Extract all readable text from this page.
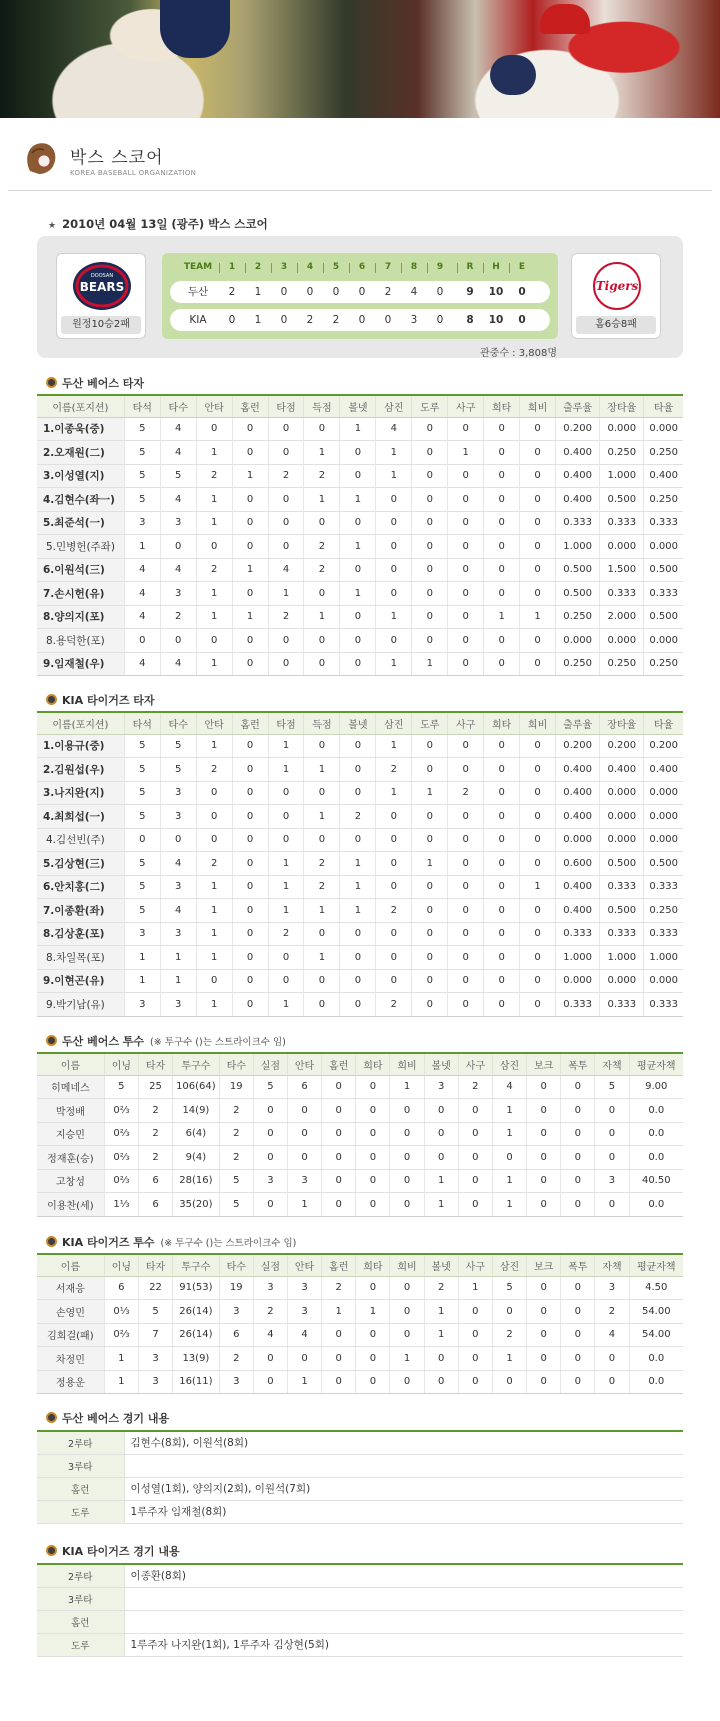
박스 스코어
KOREA BASEBALL ORGANIZATION
★ 2010년 04월 13일 (광주) 박스 스코어
DOOSAN
BEARS
원정10승2패
TEAM	1	2	3	4	5	6	7	8	9	R	H	E
두산	2	1	0	0	0	0	2	4	0	9	10	0
KIA	0	1	0	2	2	0	0	3	0	8	10	0
Tigers
홈6승8패
관중수 : 3,808명
두산 베어스 타자
이름(포지션)	타석	타수	안타	홈런	타점	득점	볼넷	삼진	도루	사구	희타	희비	출루율	장타율	타율
1.이종욱(중)	5	4	0	0	0	0	1	4	0	0	0	0	0.200	0.000	0.000
2.오재원(二)	5	4	1	0	0	1	0	1	0	1	0	0	0.400	0.250	0.250
3.이성열(지)	5	5	2	1	2	2	0	1	0	0	0	0	0.400	1.000	0.400
4.김현수(좌一)	5	4	1	0	0	1	1	0	0	0	0	0	0.400	0.500	0.250
5.최준석(一)	3	3	1	0	0	0	0	0	0	0	0	0	0.333	0.333	0.333
5.민병헌(주좌)	1	0	0	0	0	2	1	0	0	0	0	0	1.000	0.000	0.000
6.이원석(三)	4	4	2	1	4	2	0	0	0	0	0	0	0.500	1.500	0.500
7.손시헌(유)	4	3	1	0	1	0	1	0	0	0	0	0	0.500	0.333	0.333
8.양의지(포)	4	2	1	1	2	1	0	1	0	0	1	1	0.250	2.000	0.500
8.용덕한(포)	0	0	0	0	0	0	0	0	0	0	0	0	0.000	0.000	0.000
9.임재철(우)	4	4	1	0	0	0	0	1	1	0	0	0	0.250	0.250	0.250
KIA 타이거즈 타자
이름(포지션)	타석	타수	안타	홈런	타점	득점	볼넷	삼진	도루	사구	희타	희비	출루율	장타율	타율
1.이용규(중)	5	5	1	0	1	0	0	1	0	0	0	0	0.200	0.200	0.200
2.김원섭(우)	5	5	2	0	1	1	0	2	0	0	0	0	0.400	0.400	0.400
3.나지완(지)	5	3	0	0	0	0	0	1	1	2	0	0	0.400	0.000	0.000
4.최희섭(一)	5	3	0	0	0	1	2	0	0	0	0	0	0.400	0.000	0.000
4.김선빈(주)	0	0	0	0	0	0	0	0	0	0	0	0	0.000	0.000	0.000
5.김상현(三)	5	4	2	0	1	2	1	0	1	0	0	0	0.600	0.500	0.500
6.안치홍(二)	5	3	1	0	1	2	1	0	0	0	0	1	0.400	0.333	0.333
7.이종환(좌)	5	4	1	0	1	1	1	2	0	0	0	0	0.400	0.500	0.250
8.김상훈(포)	3	3	1	0	2	0	0	0	0	0	0	0	0.333	0.333	0.333
8.차일목(포)	1	1	1	0	0	1	0	0	0	0	0	0	1.000	1.000	1.000
9.이현곤(유)	1	1	0	0	0	0	0	0	0	0	0	0	0.000	0.000	0.000
9.박기남(유)	3	3	1	0	1	0	0	2	0	0	0	0	0.333	0.333	0.333
두산 베어스 투수 (※ 투구수 ()는 스트라이크수 임)
이름	이닝	타자	투구수	타수	실점	안타	홈런	희타	희비	볼넷	사구	삼진	보크	폭투	자책	평균자책
히메네스	5	25	106(64)	19	5	6	0	0	1	3	2	4	0	0	5	9.00
박정배	0⅔	2	14(9)	2	0	0	0	0	0	0	0	1	0	0	0	0.0
지승민	0⅔	2	6(4)	2	0	0	0	0	0	0	0	1	0	0	0	0.0
정재훈(승)	0⅔	2	9(4)	2	0	0	0	0	0	0	0	0	0	0	0	0.0
고창성	0⅔	6	28(16)	5	3	3	0	0	0	1	0	1	0	0	3	40.50
이용찬(세)	1⅓	6	35(20)	5	0	1	0	0	0	1	0	1	0	0	0	0.0
KIA 타이거즈 투수 (※ 투구수 ()는 스트라이크수 임)
이름	이닝	타자	투구수	타수	실점	안타	홈런	희타	희비	볼넷	사구	삼진	보크	폭투	자책	평균자책
서재응	6	22	91(53)	19	3	3	2	0	0	2	1	5	0	0	3	4.50
손영민	0⅓	5	26(14)	3	2	3	1	1	0	1	0	0	0	0	2	54.00
김희걸(패)	0⅔	7	26(14)	6	4	4	0	0	0	1	0	2	0	0	4	54.00
차정민	1	3	13(9)	2	0	0	0	0	1	0	0	1	0	0	0	0.0
정용운	1	3	16(11)	3	0	1	0	0	0	0	0	0	0	0	0	0.0
두산 베어스 경기 내용
2루타	김현수(8회), 이원석(8회)
3루타	
홈런	이성열(1회), 양의지(2회), 이원석(7회)
도루	1루주자 임재철(8회)
KIA 타이거즈 경기 내용
2루타	이종환(8회)
3루타	
홈런	
도루	1루주자 나지완(1회), 1루주자 김상현(5회)
